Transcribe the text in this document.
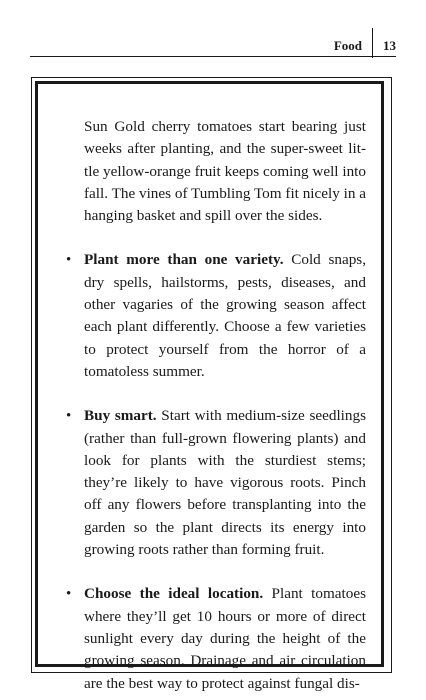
Food	13

Sun Gold cherry tomatoes start bearing just weeks after planting, and the super-sweet little yellow-orange fruit keeps coming well into fall. The vines of Tumbling Tom fit nicely in a hanging basket and spill over the sides.

• Plant more than one variety. Cold snaps, dry spells, hailstorms, pests, diseases, and other vagaries of the growing season affect each plant differently. Choose a few varieties to protect yourself from the horror of a tomatoless summer.
• Buy smart. Start with medium-size seedlings (rather than full-grown flowering plants) and look for plants with the sturdiest stems; they’re likely to have vigorous roots. Pinch off any flowers before transplanting into the garden so the plant directs its energy into growing roots rather than forming fruit.
• Choose the ideal location. Plant tomatoes where they’ll get 10 hours or more of direct sunlight every day during the height of the growing season. Drainage and air circulation are the best way to protect against fungal dis-
